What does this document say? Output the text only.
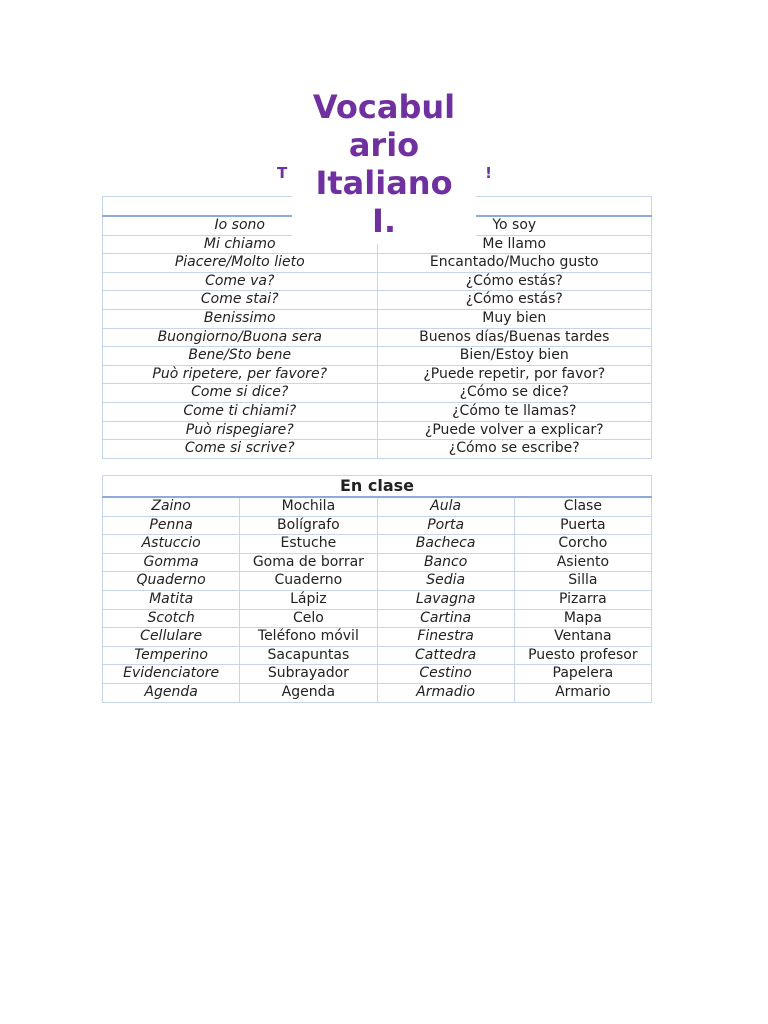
T	!
Vocabul
ario
Italiano
I.

Io sono	Yo soy
Mi chiamo	Me llamo
Piacere/Molto lieto	Encantado/Mucho gusto
Come va?	¿Cómo estás?
Come stai?	¿Cómo estás?
Benissimo	Muy bien
Buongiorno/Buona sera	Buenos días/Buenas tardes
Bene/Sto bene	Bien/Estoy bien
Può ripetere, per favore?	¿Puede repetir, por favor?
Come si dice?	¿Cómo se dice?
Come ti chiami?	¿Cómo te llamas?
Può rispegiare?	¿Puede volver a explicar?
Come si scrive?	¿Cómo se escribe?
En clase			
Zaino	Mochila	Aula	Clase
Penna	Bolígrafo	Porta	Puerta
Astuccio	Estuche	Bacheca	Corcho
Gomma	Goma de borrar	Banco	Asiento
Quaderno	Cuaderno	Sedia	Silla
Matita	Lápiz	Lavagna	Pizarra
Scotch	Celo	Cartina	Mapa
Cellulare	Teléfono móvil	Finestra	Ventana
Temperino	Sacapuntas	Cattedra	Puesto profesor
Evidenciatore	Subrayador	Cestino	Papelera
Agenda	Agenda	Armadio	Armario
